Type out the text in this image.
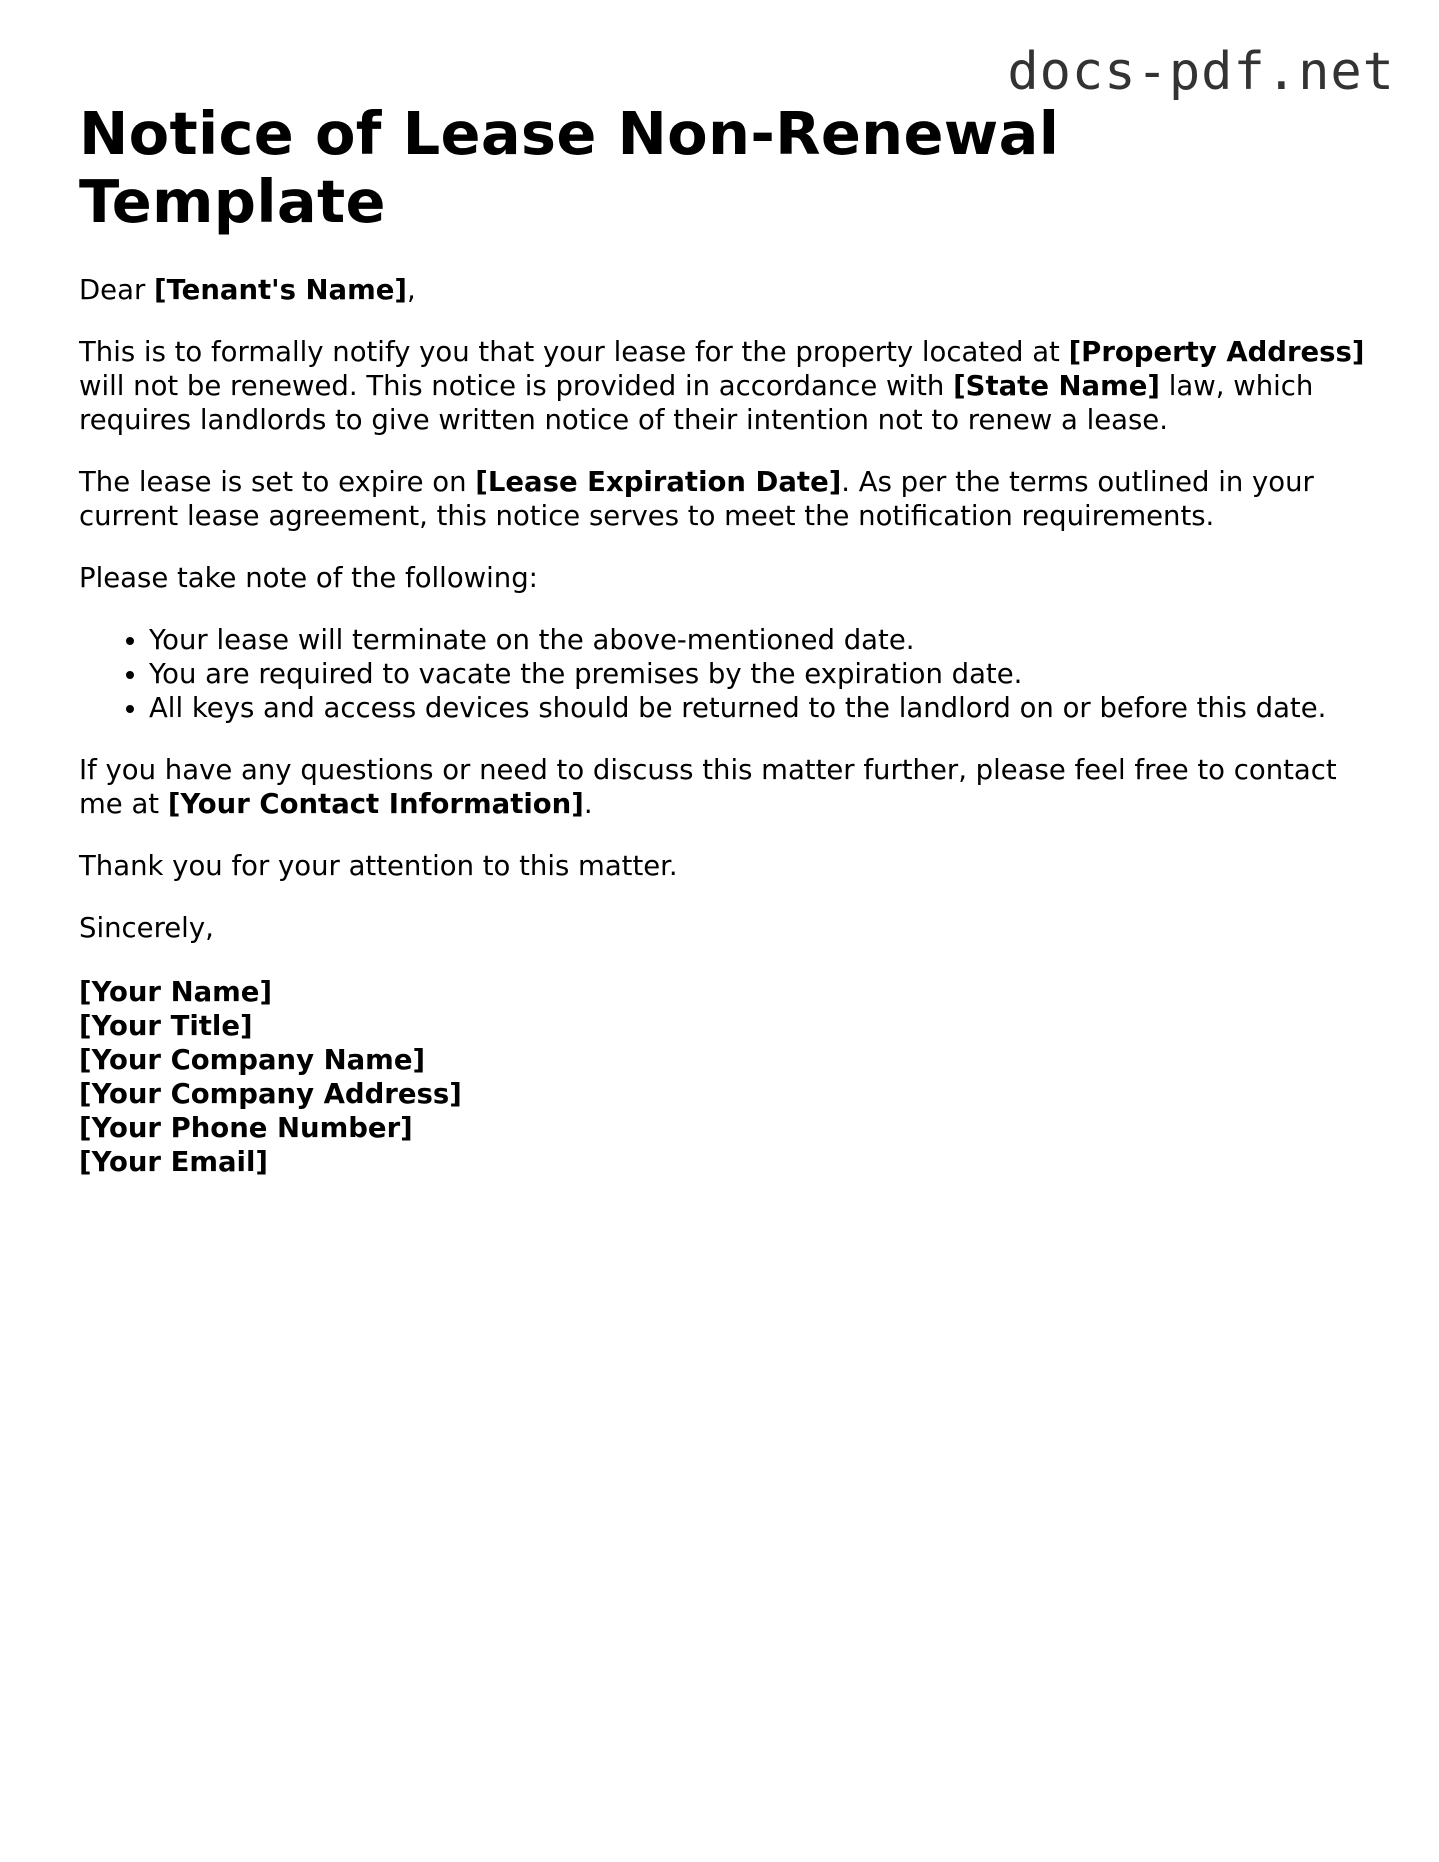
docs-pdf.net
Notice of Lease Non-Renewal Template

Dear [Tenant's Name],

This is to formally notify you that your lease for the property located at [Property Address] will not be renewed. This notice is provided in accordance with [State Name] law, which requires landlords to give written notice of their intention not to renew a lease.

The lease is set to expire on [Lease Expiration Date]. As per the terms outlined in your current lease agreement, this notice serves to meet the notification requirements.

Please take note of the following:

• Your lease will terminate on the above-mentioned date.
• You are required to vacate the premises by the expiration date.
• All keys and access devices should be returned to the landlord on or before this date.

If you have any questions or need to discuss this matter further, please feel free to contact me at [Your Contact Information].

Thank you for your attention to this matter.

Sincerely,

[Your Name]
[Your Title]
[Your Company Name]
[Your Company Address]
[Your Phone Number]
[Your Email]
